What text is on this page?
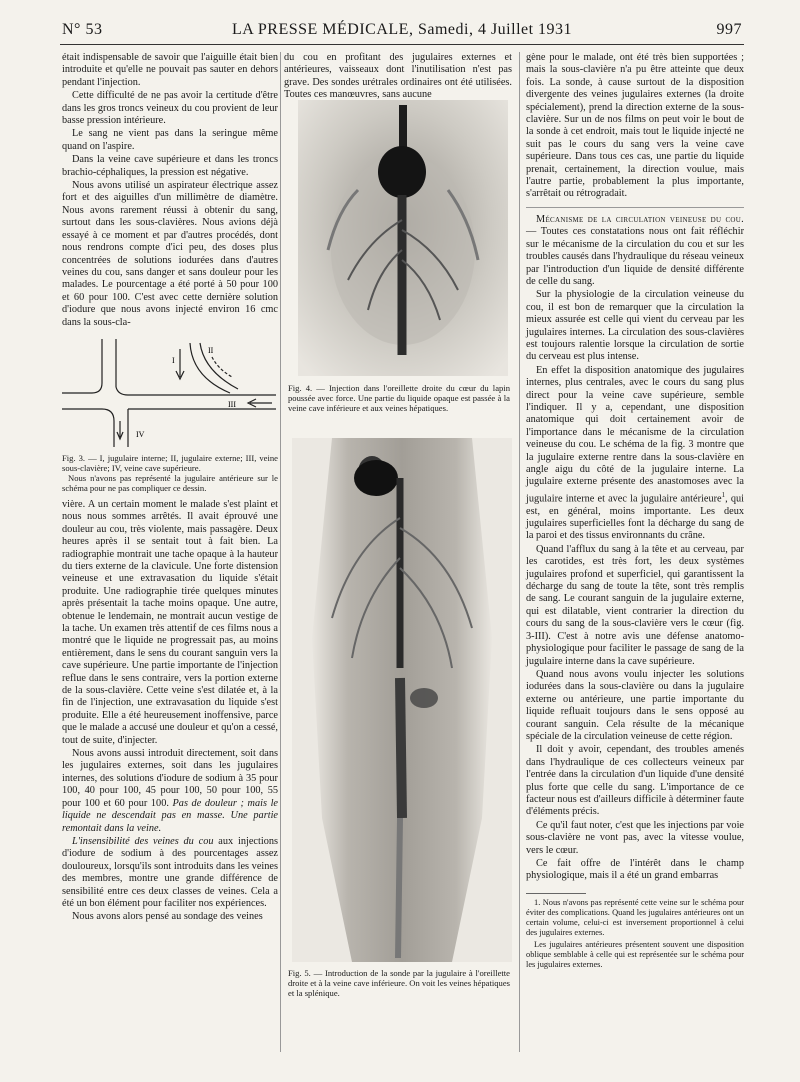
N° 53	LA PRESSE MÉDICALE, Samedi, 4 Juillet 1931	997

était indispensable de savoir que l'aiguille était bien introduite et qu'elle ne pouvait pas sauter en dehors pendant l'injection.

Cette difficulté de ne pas avoir la certitude d'être dans les gros troncs veineux du cou provient de leur basse pression intérieure.

Le sang ne vient pas dans la seringue même quand on l'aspire.

Dans la veine cave supérieure et dans les troncs brachio-céphaliques, la pression est négative.

Nous avons utilisé un aspirateur électrique assez fort et des aiguilles d'un millimètre de diamètre. Nous avons rarement réussi à obtenir du sang, surtout dans les sous-clavières. Nous avions déjà essayé à ce moment et par d'autres procédés, dont nous rendrons compte d'ici peu, des doses plus concentrées de solutions iodurées dans d'autres veines du cou, sans danger et sans douleur pour les malades. Le pourcentage a été porté à 50 pour 100 et 60 pour 100. C'est avec cette dernière solution d'iodure que nous avons injecté environ 16 cmc dans la sous-cla-

I
II
III
IV

Fig. 3. — I, jugulaire interne; II, jugulaire externe; III, veine sous-clavière; IV, veine cave supérieure.

Nous n'avons pas représenté la jugulaire antérieure sur le schéma pour ne pas compliquer ce dessin.

vière. A un certain moment le malade s'est plaint et nous nous sommes arrêtés. Il avait éprouvé une douleur au cou, très violente, mais passagère. Deux heures après il se sentait tout à fait bien. La radiographie montrait une tache opaque à la hauteur du tiers externe de la clavicule. Une forte distension veineuse et une extravasation du liquide s'était produite. Une radiographie tirée quelques minutes après présentait la tache moins opaque. Une autre, obtenue le lendemain, ne montrait aucun vestige de la tache. Un examen très attentif de ces films nous a montré que le liquide ne progressait pas, au moins entièrement, dans le sens du courant sanguin vers la cave supérieure. Une partie importante de l'injection reflue dans le sens contraire, vers la portion externe de la sous-clavière. Cette veine s'est dilatée et, à la fin de l'injection, une extravasation du liquide s'est produite. Elle a été heureusement inoffensive, parce que le malade a accusé une douleur et qu'on a cessé, tout de suite, d'injecter.

Nous avons aussi introduit directement, soit dans les jugulaires externes, soit dans les jugulaires internes, des solutions d'iodure de sodium à 35 pour 100, 40 pour 100, 45 pour 100, 50 pour 100, 55 pour 100 et 60 pour 100. Pas de douleur ; mais le liquide ne descendait pas en masse. Une partie remontait dans la veine.

L'insensibilité des veines du cou aux injections d'iodure de sodium à des pourcentages assez douloureux, lorsqu'ils sont introduits dans les veines des membres, montre une grande différence de sensibilité entre ces deux classes de veines. Cela a été un bon élément pour faciliter nos expériences.

Nous avons alors pensé au sondage des veines

du cou en profitant des jugulaires externes et antérieures, vaisseaux dont l'inutilisation n'est pas grave. Des sondes urétrales ordinaires ont été utilisées. Toutes ces manœuvres, sans aucune

Fig. 4. — Injection dans l'oreillette droite du cœur du lapin poussée avec force. Une partie du liquide opaque est passée à la veine cave inférieure et aux veines hépatiques.

Fig. 5. — Introduction de la sonde par la jugulaire à l'oreillette droite et à la veine cave inférieure. On voit les veines hépatiques et la splénique.

gène pour le malade, ont été très bien supportées ; mais la sous-clavière n'a pu être atteinte que deux fois. La sonde, à cause surtout de la disposition divergente des veines jugulaires externes (la droite spécialement), prend la direction externe de la sous-clavière. Sur un de nos films on peut voir le bout de la sonde à cet endroit, mais tout le liquide injecté ne suit pas le cours du sang vers la veine cave supérieure. Dans tous ces cas, une partie du liquide prenait, certainement, la direction voulue, mais l'autre partie, probablement la plus importante, s'arrêtait ou rétrogradait.

Mécanisme de la circulation veineuse du cou. — Toutes ces constatations nous ont fait réfléchir sur le mécanisme de la circulation du cou et sur les troubles causés dans l'hydraulique du réseau veineux par l'introduction d'un liquide de densité différente de celle du sang.

Sur la physiologie de la circulation veineuse du cou, il est bon de remarquer que la circulation la mieux assurée est celle qui vient du cerveau par les jugulaires internes. La circulation des sous-clavières est toujours ralentie lorsque la circulation de sortie du cerveau est plus intense.

En effet la disposition anatomique des jugulaires internes, plus centrales, avec le cours du sang plus direct pour la veine cave supérieure, semble l'indiquer. Il y a, cependant, une disposition anatomique qui doit certainement avoir de l'importance dans le mécanisme de la circulation veineuse du cou. Le schéma de la fig. 3 montre que la jugulaire externe rentre dans la sous-clavière en angle aigu du côté de la jugulaire interne. La jugulaire externe présente des anastomoses avec la jugulaire interne et avec la jugulaire antérieure$^1$, qui est, en général, moins importante. Les deux jugulaires superficielles font la décharge du sang de la paroi et des tissus environnants du crâne.

Quand l'afflux du sang à la tête et au cerveau, par les carotides, est très fort, les deux systèmes jugulaires profond et superficiel, qui garantissent la décharge du sang de toute la tête, sont très remplis de sang. Le courant sanguin de la jugulaire externe, qui est dilatable, vient contrarier la direction du cours du sang de la sous-clavière vers le cœur (fig. 3-III). C'est à notre avis une défense anatomo-physiologique pour faciliter le passage de sang de la jugulaire interne dans la cave supérieure.

Quand nous avons voulu injecter les solutions iodurées dans la sous-clavière ou dans la jugulaire externe ou antérieure, une partie importante du liquide refluait toujours dans le sens opposé au courant sanguin. Cela résulte de la mécanique spéciale de la circulation veineuse de cette région.

Il doit y avoir, cependant, des troubles amenés dans l'hydraulique de ces collecteurs veineux par l'entrée dans la circulation d'un liquide d'une densité plus forte que celle du sang. L'importance de ce facteur nous est d'ailleurs difficile à déterminer faute d'éléments précis.

Ce qu'il faut noter, c'est que les injections par voie sous-clavière ne vont pas, avec la vitesse voulue, vers le cœur.

Ce fait offre de l'intérêt dans le champ physiologique, mais il a été un grand embarras

1. Nous n'avons pas représenté cette veine sur le schéma pour éviter des complications. Quand les jugulaires antérieures ont un certain volume, celui-ci est inversement proportionnel à celui des jugulaires externes.

Les jugulaires antérieures présentent souvent une disposition oblique semblable à celle qui est représentée sur le schéma pour les jugulaires externes.
